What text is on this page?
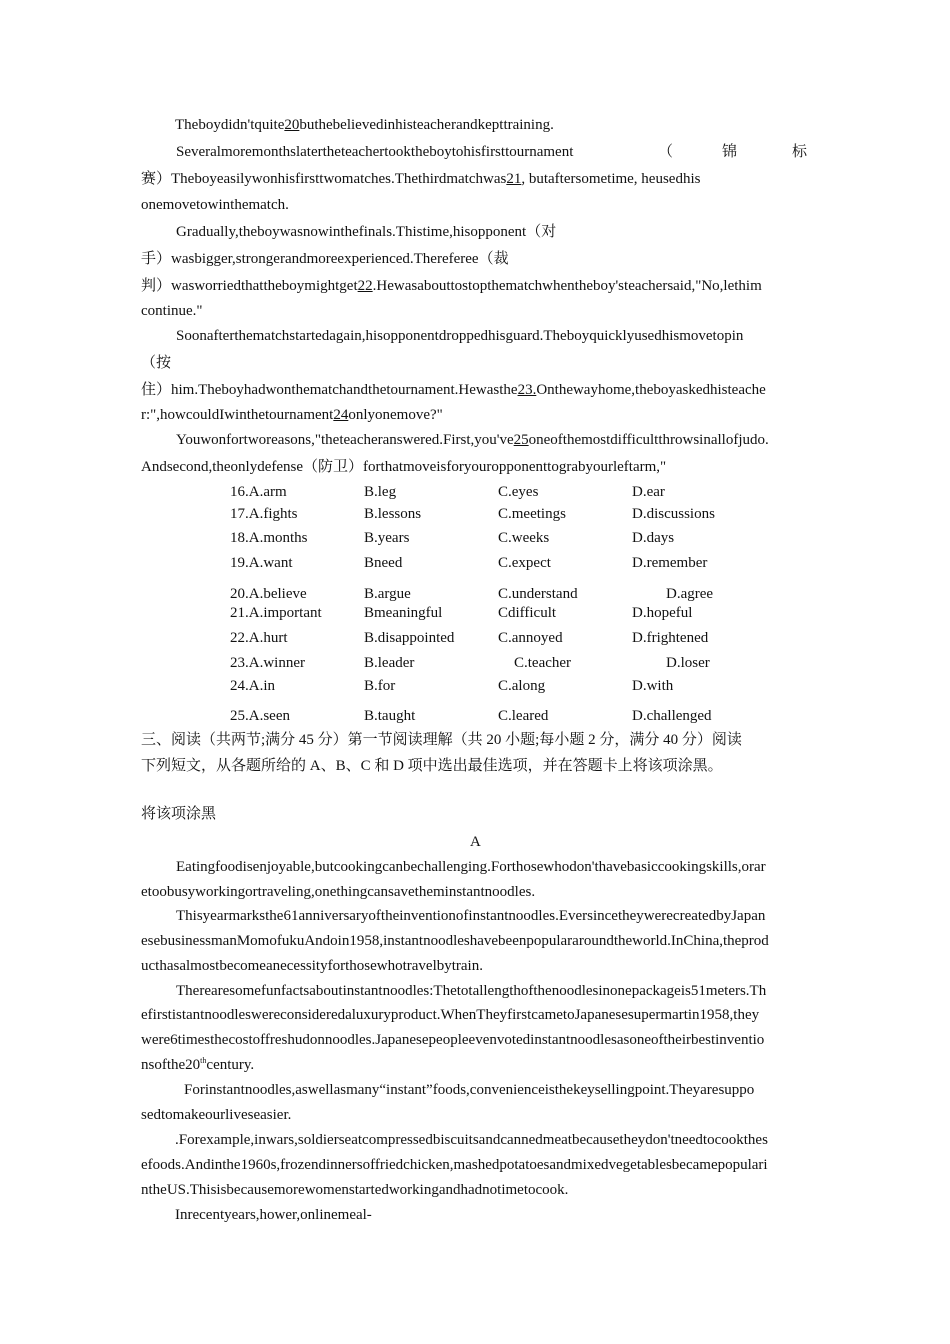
Theboydidn'tquite20buthebelievedinhisteacherandkepttraining.
Severalmoremonthslatertheteachertooktheboytohisfirsttournament	（	锦	标
赛）Theboyeasilywonhisfirsttwomatches.Thethirdmatchwas21, butaftersometime, heusedhis
onemovetowinthematch.
Gradually,theboywasnowinthefinals.Thistime,hisopponent（对
手）wasbigger,strongerandmoreexperienced.Thereferee（裁
判）wasworriedthattheboymightget22.Hewasabouttostopthematchwhentheboy'steachersaid,"No,lethim
continue."
Soonafterthematchstartedagain,hisopponentdroppedhisguard.Theboyquicklyusedhismovetopin
（按
住）him.Theboyhadwonthematchandthetournament.Hewasthe23.Onthewayhome,theboyaskedhisteache
r:",howcouldIwinthetournament24onlyonemove?"
Youwonfortworeasons,"theteacheranswered.First,you've25oneofthemostdifficultthrowsinallofjudo.
Andsecond,theonlydefense（防卫）forthatmoveisforyouropponenttograbyourleftarm,"
16.A.arm	B.leg	C.eyes	D.ear
17.A.fights	B.lessons	C.meetings	D.discussions
18.A.months	B.years	C.weeks	D.days
19.A.want	Bneed	C.expect	D.remember
20.A.believe	B.argue	C.understand	D.agree
21.A.important	Bmeaningful	Cdifficult	D.hopeful
22.A.hurt	B.disappointed	C.annoyed	D.frightened
23.A.winner	B.leader	C.teacher	D.loser
24.A.in	B.for	C.along	D.with
25.A.seen	B.taught	C.leared	D.challenged
三、阅读（共两节;满分 45 分）第一节阅读理解（共 20 小题;每小题 2 分，满分 40 分）阅读
下列短文，从各题所给的 A、B、C 和 D 项中选出最佳选项，并在答题卡上将该项涂黑。
将该项涂黑
A
Eatingfoodisenjoyable,butcookingcanbechallenging.Forthosewhodon'thavebasiccookingskills,orar
etoobusyworkingortraveling,onethingcansavetheminstantnoodles.
Thisyearmarksthe61anniversaryoftheinventionofinstantnoodles.EversincetheywerecreatedbyJapan
esebusinessmanMomofukuAndoin1958,instantnoodleshavebeenpopulararoundtheworld.InChina,theprod
ucthasalmostbecomeanecessityforthosewhotravelbytrain.
Therearesomefunfactsaboutinstantnoodles:Thetotallengthofthenoodlesinonepackageis51meters.Th
efirstistantnoodleswereconsideredaluxuryproduct.WhenTheyfirstcametoJapanesesupermartin1958,they
were6timesthecostoffreshudonnoodles.Japanesepeopleevenvotedinstantnoodlesasoneoftheirbestinventio
nsofthe20thcentury.
Forinstantnoodles,aswellasmany“instant”foods,convenienceisthekeysellingpoint.Theyaresuppo
sedtomakeourliveseasier.
.Forexample,inwars,soldierseatcompressedbiscuitsandcannedmeatbecausetheydon'tneedtocookthes
efoods.Andinthe1960s,frozendinnersoffriedchicken,mashedpotatoesandmixedvegetablesbecamepopulari
ntheUS.Thisisbecausemorewomenstartedworkingandhadnotimetocook.
Inrecentyears,hower,onlinemeal-
